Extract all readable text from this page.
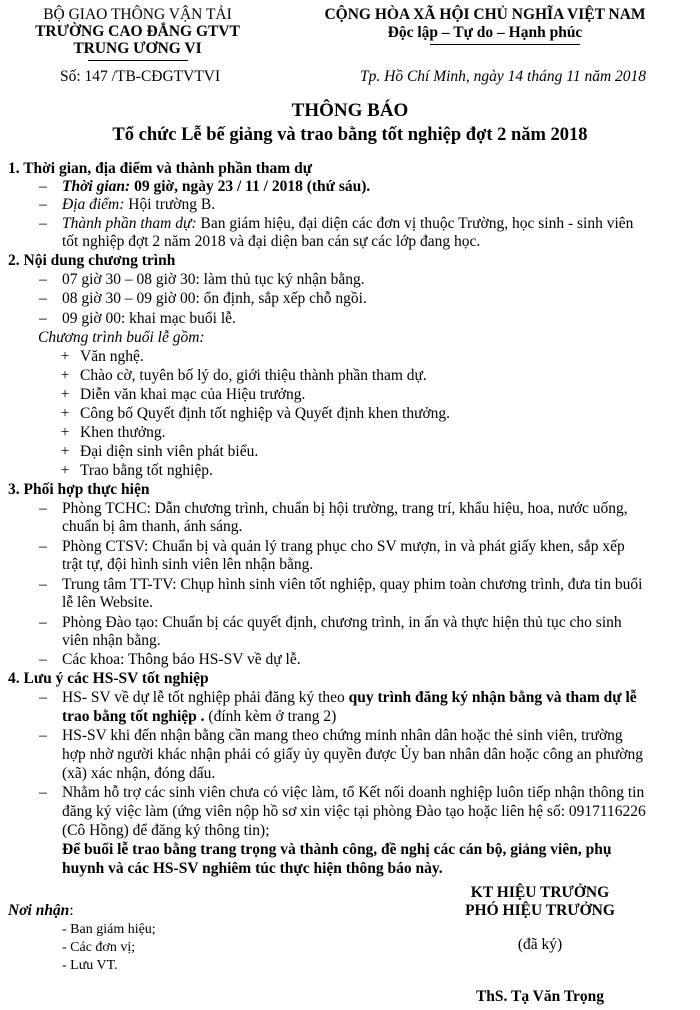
BỘ GIAO THÔNG VẬN TẢI
TRƯỜNG CAO ĐẲNG GTVT
TRUNG ƯƠNG VI
CỘNG HÒA XÃ HỘI CHỦ NGHĨA VIỆT NAM
Độc lập – Tự do – Hạnh phúc
Số: 147 /TB-CĐGTVTVI	Tp. Hồ Chí Minh, ngày 14 tháng 11 năm 2018
THÔNG BÁO
Tổ chức Lễ bế giảng và trao bằng tốt nghiệp đợt 2 năm 2018
1. Thời gian, địa điểm và thành phần tham dự
– Thời gian: 09 giờ, ngày 23 / 11 / 2018 (thứ sáu).
– Địa điểm: Hội trường B.
– Thành phần tham dự: Ban giám hiệu, đại diện các đơn vị thuộc Trường, học sinh - sinh viên
tốt nghiệp đợt 2 năm 2018 và đại diện ban cán sự các lớp đang học.
2. Nội dung chương trình
– 07 giờ 30 – 08 giờ 30: làm thủ tục ký nhận bằng.
– 08 giờ 30 – 09 giờ 00: ổn định, sắp xếp chỗ ngồi.
– 09 giờ 00: khai mạc buổi lễ.
Chương trình buổi lễ gồm:
+ Văn nghệ.
+ Chào cờ, tuyên bố lý do, giới thiệu thành phần tham dự.
+ Diễn văn khai mạc của Hiệu trưởng.
+ Công bố Quyết định tốt nghiệp và Quyết định khen thưởng.
+ Khen thưởng.
+ Đại diện sinh viên phát biểu.
+ Trao bằng tốt nghiệp.
3. Phối hợp thực hiện
– Phòng TCHC: Dẫn chương trình, chuẩn bị hội trường, trang trí, khẩu hiệu, hoa, nước uống,
chuẩn bị âm thanh, ánh sáng.
– Phòng CTSV: Chuẩn bị và quản lý trang phục cho SV mượn, in và phát giấy khen, sắp xếp
trật tự, đội hình sinh viên lên nhận bằng.
– Trung tâm TT-TV: Chụp hình sinh viên tốt nghiệp, quay phim toàn chương trình, đưa tin buổi
lễ lên Website.
– Phòng Đào tạo: Chuẩn bị các quyết định, chương trình, in ấn và thực hiện thủ tục cho sinh
viên nhận bằng.
– Các khoa: Thông báo HS-SV về dự lễ.
4. Lưu ý các HS-SV tốt nghiệp
– HS- SV về dự lễ tốt nghiệp phải đăng ký theo quy trình đăng ký nhận bằng và tham dự lễ
trao bằng tốt nghiệp . (đính kèm ở trang 2)
– HS-SV khi đến nhận bằng cần mang theo chứng minh nhân dân hoặc thẻ sinh viên, trường
hợp nhờ người khác nhận phải có giấy ủy quyền được Ủy ban nhân dân hoặc công an phường
(xã) xác nhận, đóng dấu.
– Nhằm hỗ trợ các sinh viên chưa có việc làm, tổ Kết nối doanh nghiệp luôn tiếp nhận thông tin
đăng ký việc làm (ứng viên nộp hồ sơ xin việc tại phòng Đào tạo hoặc liên hệ số: 0917116226
(Cô Hồng) để đăng ký thông tin);
Để buổi lễ trao bằng trang trọng và thành công, đề nghị các cán bộ, giảng viên, phụ
huynh và các HS-SV nghiêm túc thực hiện thông báo này.
KT HIỆU TRƯỞNG
PHÓ HIỆU TRƯỞNG
(đã ký)
ThS. Tạ Văn Trọng
Nơi nhận:
- Ban giám hiệu;
- Các đơn vị;
- Lưu VT.
